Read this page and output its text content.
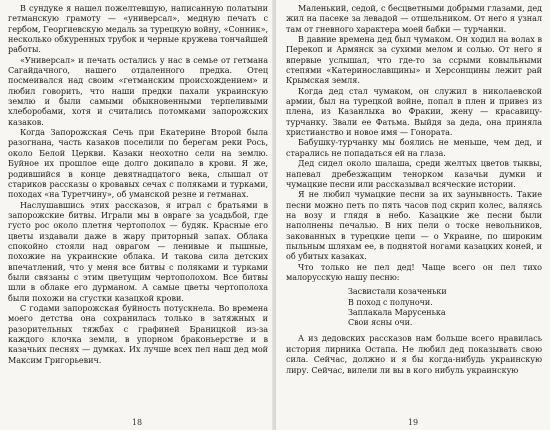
В сундуке я нашел пожелтевшую, написанную полатыни гетманскую грамоту — «универсал», медную печать с гербом, Георгиевскую медаль за турецкую войну, «Сонник», несколько обкуренных трубок и черные кружева тончайшей работы.

«Универсал» и печать остались у нас в семье от гетмана Сагайдачного, нашего отдаленного предка. Отец посмеивался над своим «гетманским происхождением» и любил говорить, что наши предки пахали украинскую землю и были самыми обыкновенными терпеливыми хлеборобами, хотя и считались потомками запорожских казаков.

Когда Запорожская Сечь при Екатерине Второй была разогнана, часть казаков поселили по берегам реки Рось, около Белой Церкви. Казаки неохотно сели на землю. Буйное их прошлое еще долго докипало в крови. Я же, родившийся в конце девятнадцатого века, слышал от стариков рассказы о кровавых сечах с поляками и турками, походах «на Туретчину», об уманской резне и гетманах.

Наслушавшись этих рассказов, я играл с братьями в запорожские битвы. Играли мы в овраге за усадьбой, где густо рос около плетня чертополох — будяк. Красные его цветы издавали даже в жару приторный запах. Облака спокойно стояли над оврагом — ленивые и пышные, похожие на украинские облака. И такова сила детских впечатлений, что у меня все битвы с поляками и турками были связаны с этим цветущим чертополохом. Все битвы шли в облаке его дурманом. А самые цветы чертополоха были похожи на сгустки казацкой крови.

С годами запорожская буйность потускнела. Во времена моего детства она сохранилась только в затяжных и разорительных тяжбах с графиней Браницкой из-за каждого клочка земли, в упорном браконьерстве и в казачьих песнях — думках. Их лучше всех пел наш дед мой Максим Григорьевич.

18

Маленький, седой, с бесцветными добрыми глазами, дед жил на пасеке за левадой — отшельником. От него я узнал там от гневного характера моей бабки — турчанки.

В давние времена дед был чумаком. Он ходил на волах в Перекоп и Армянск за сухими мелом и солью. От него я впервые услышал, что где-то за ссрыми ковыльными степями «Катеринославщины» и Херсонщины лежит рай Крымская земля.

Когда дед стал чумаком, он служил в николаевской армии, был на турецкой войне, попал в плен и привез из плена, из Казанлыка во Фракии, жену — красавицу-турчанку. Звали ее Фатьма. Выйдя за деда, она приняла христианство и новое имя — Гонората.

Бабушку-турчанку мы боялись не меньше, чем дед, и старались не попадаться ей на глаза.

Дед сидел около шалаша, среди желтых цветов тыквы, напевал дребезжащим тенорком казачьи думки и чумацкие песни или рассказывал всяческие истории.

Я не любил чумацкие песни за их заунывность. Такие песни можно петь по пять часов под скрип колес, валяясь на возу и глядя в небо. Казацкие же песни были наполнены печалью. В них пели о тоске невольников, закованных в турецкие цепи — о Украине, по широким пыльным шляхам ее, в поднятой ногами казацких коней, и об убитых казаках.

Что только не пел дед! Чаще всего он пел тихо малорусскую нашу песню:

Засвистали козаченьки
В поход с полуночи.
Заплакала Марусенька
Свои ясны очи.

А из дедовских рассказов нам больше всего нравилась история лирника Остапа. Не любил дед показывать свою сила. Сейчас, должно и я бы когда-нибудь украинскую лиру. Сейчас, вилели ли вы в кого нибуль украинскую

19
